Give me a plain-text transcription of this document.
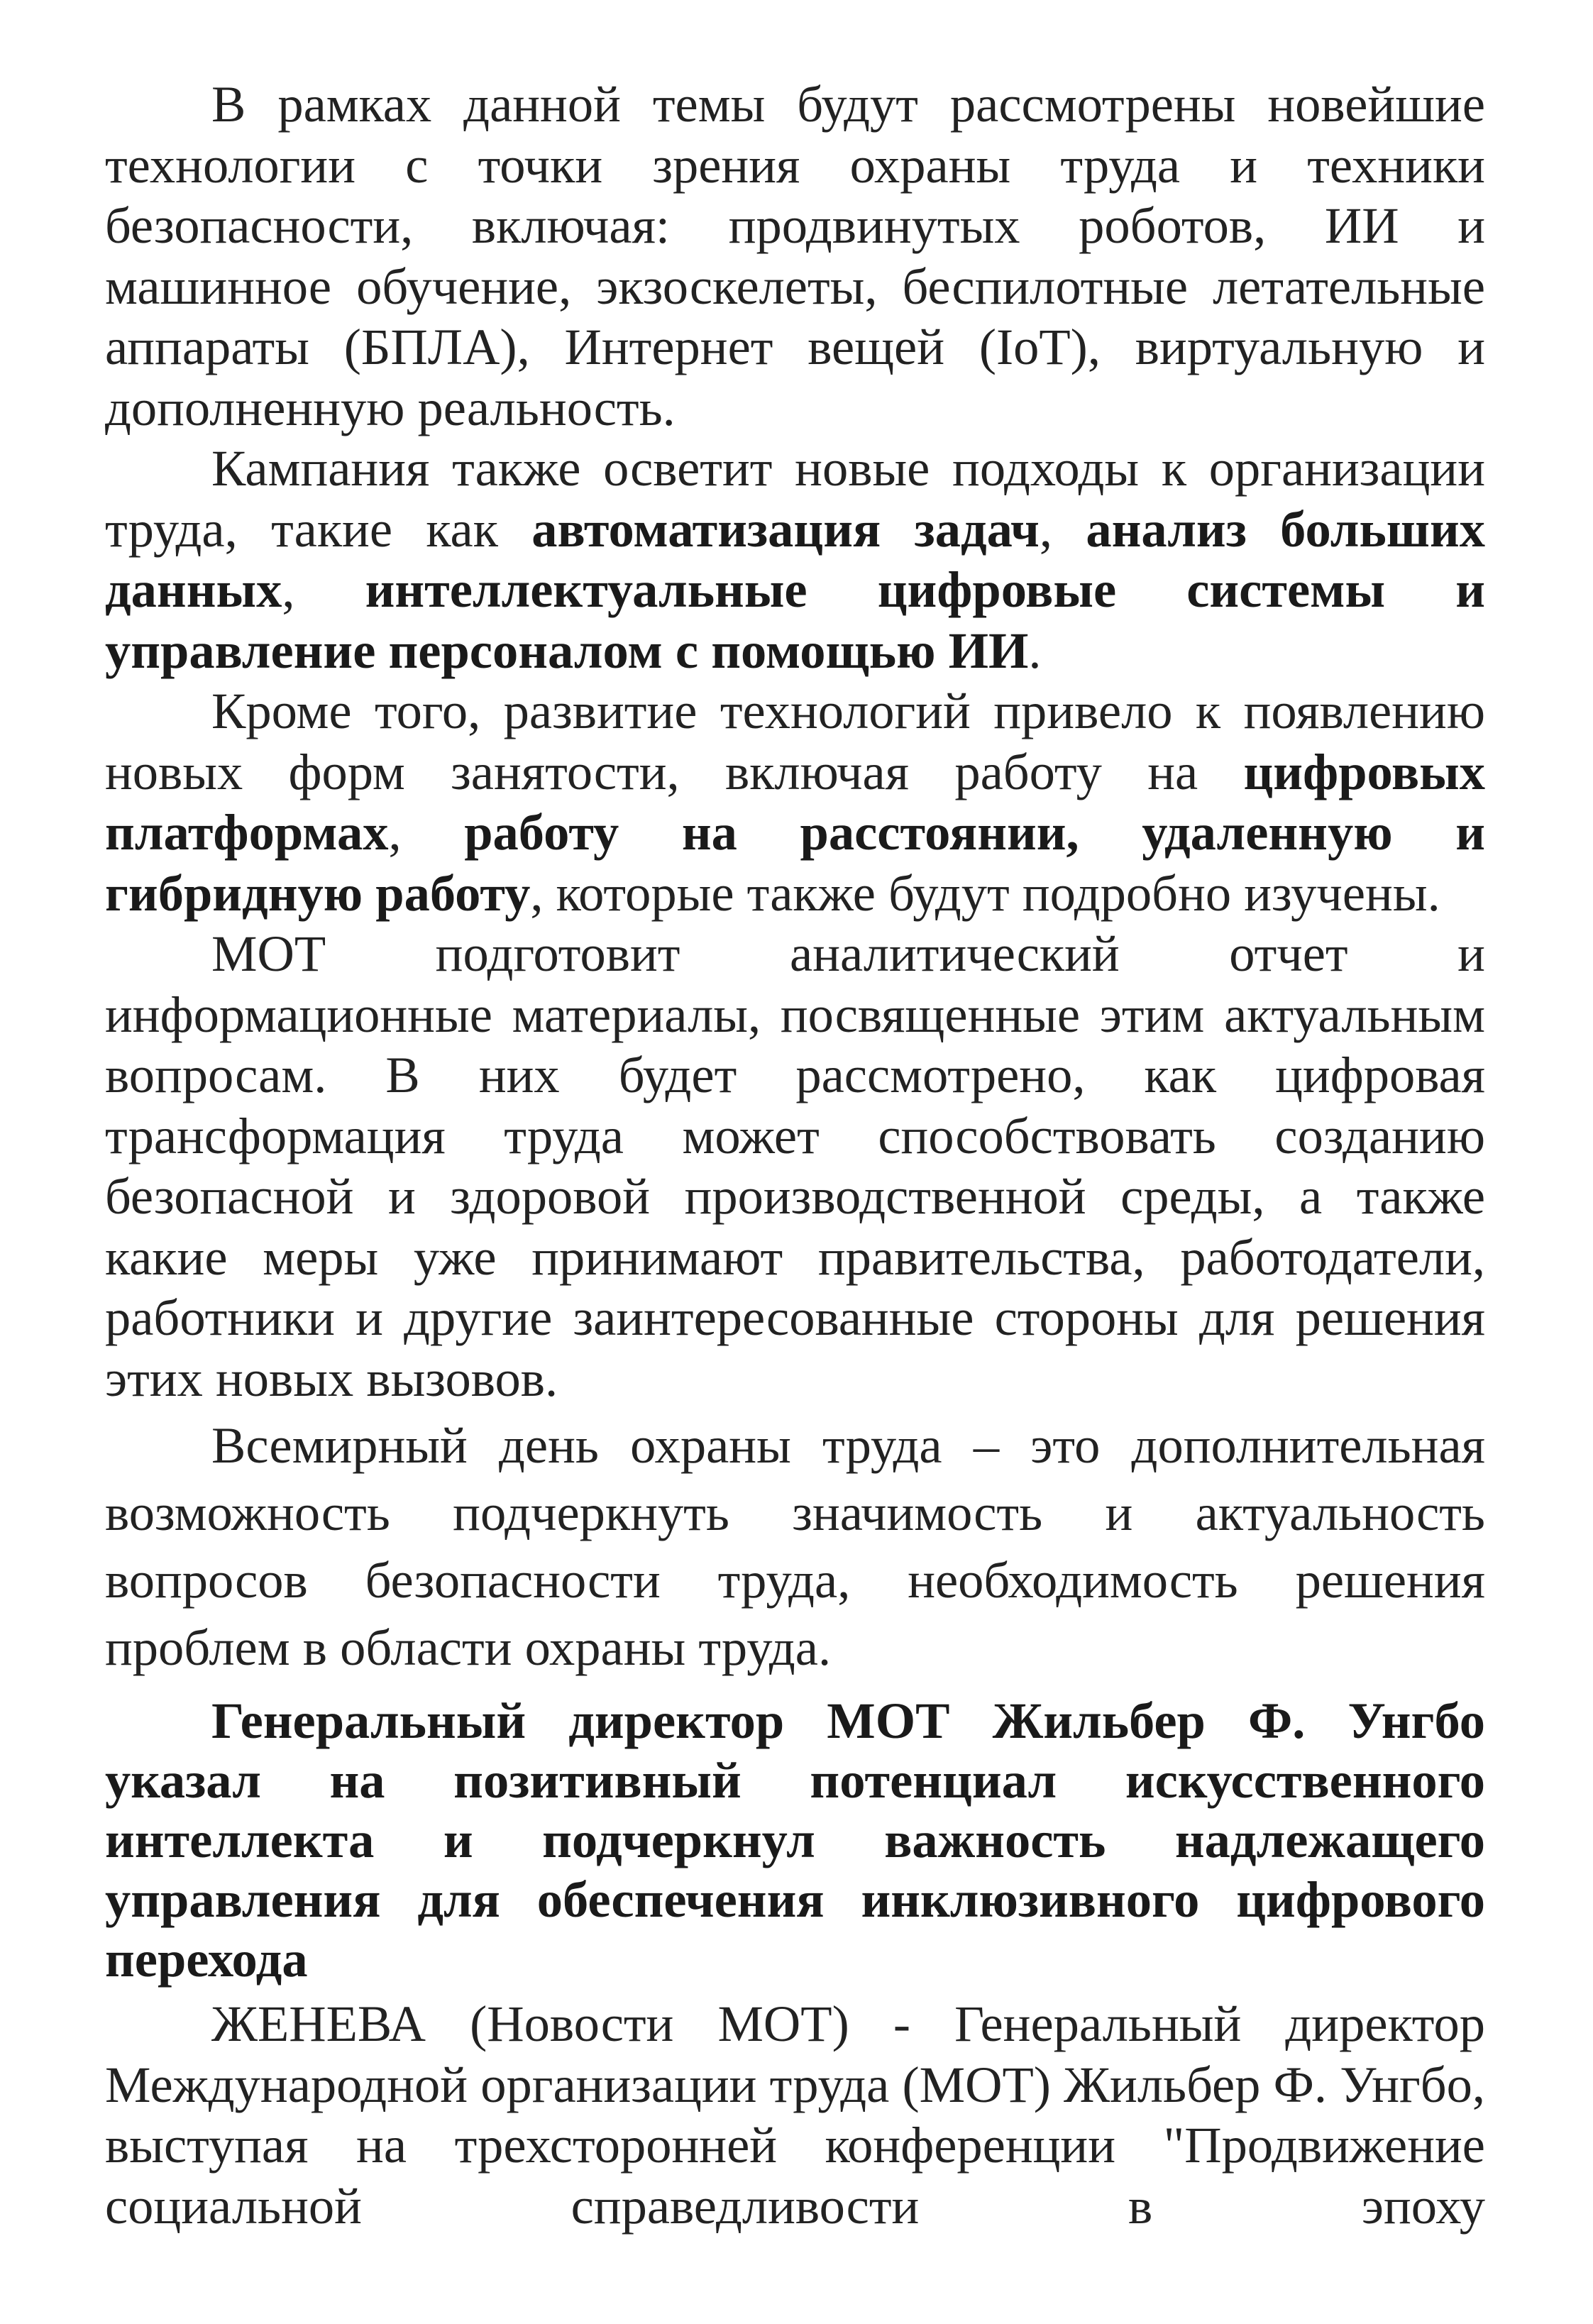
В рамках данной темы будут рассмотрены новейшие технологии с точки зрения охраны труда и техники безопасности, включая: продвинутых роботов, ИИ и машинное обучение, экзоскелеты, беспилотные летательные аппараты (БПЛА), Интернет вещей (IoT), виртуальную и дополненную реальность.

Кампания также осветит новые подходы к организации труда, такие как автоматизация задач, анализ больших данных, интеллектуальные цифровые системы и управление персоналом с помощью ИИ.

Кроме того, развитие технологий привело к появлению новых форм занятости, включая работу на цифровых платформах, работу на расстоянии, удаленную и гибридную работу, которые также будут подробно изучены.

МОТ подготовит аналитический отчет и информационные материалы, посвященные этим актуальным вопросам. В них будет рассмотрено, как цифровая трансформация труда может способствовать созданию безопасной и здоровой производственной среды, а также какие меры уже принимают правительства, работодатели, работники и другие заинтересованные стороны для решения этих новых вызовов.

Всемирный день охраны труда – это дополнительная возможность подчеркнуть значимость и актуальность вопросов безопасности труда, необходимость решения проблем в области охраны труда.

Генеральный директор МОТ Жильбер Ф. Унгбо указал на позитивный потенциал искусственного интеллекта и подчеркнул важность надлежащего управления для обеспечения инклюзивного цифрового перехода

ЖЕНЕВА (Новости МОТ) - Генеральный директор Международной организации труда (МОТ) Жильбер Ф. Унгбо, выступая на трехсторонней конференции "Продвижение социальной справедливости в эпоху
